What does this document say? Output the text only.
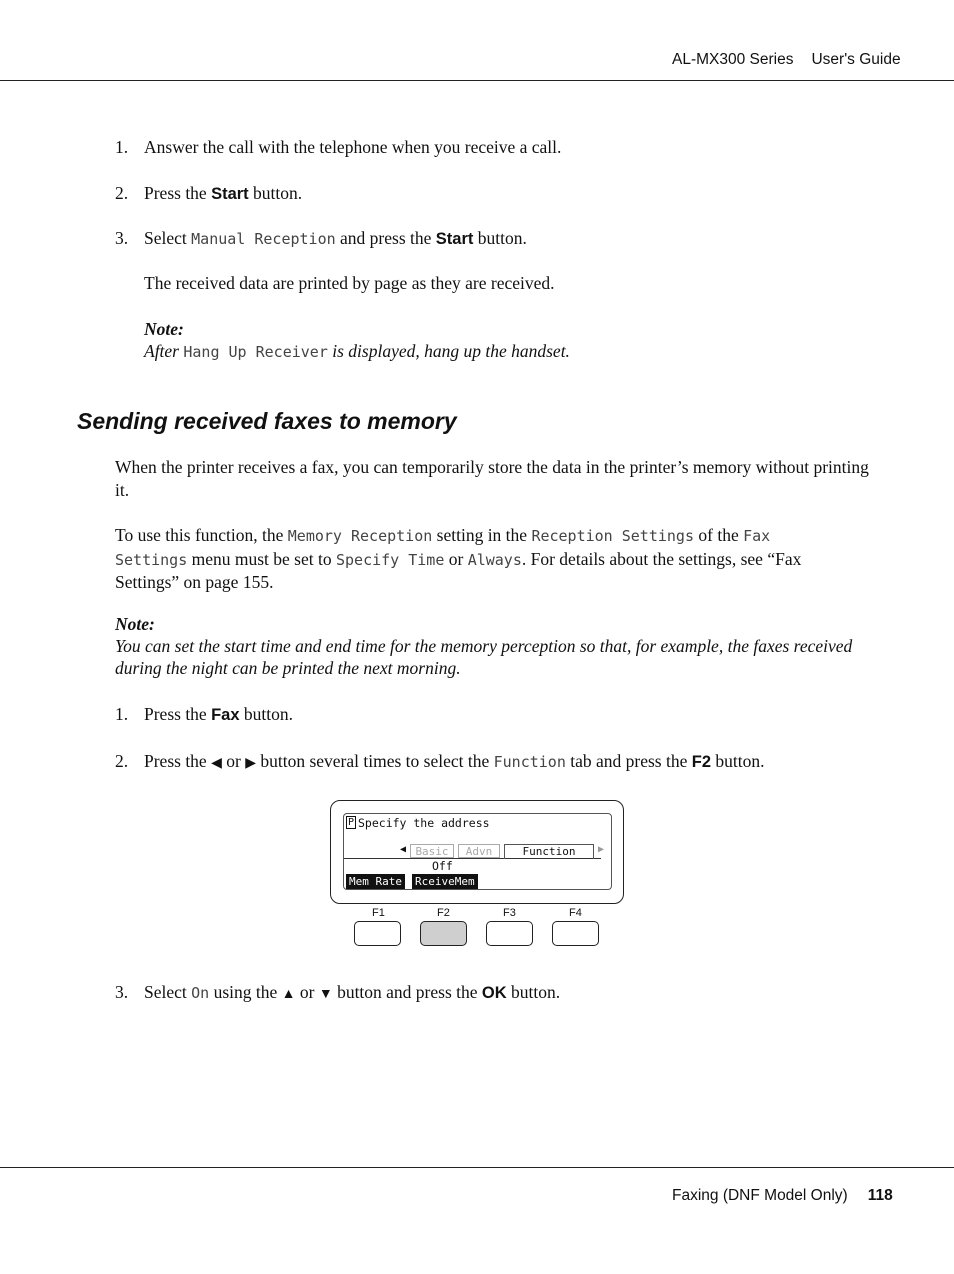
AL-MX300 Series User's Guide
1. Answer the call with the telephone when you receive a call.
2. Press the Start button.
3. Select Manual Reception and press the Start button.
The received data are printed by page as they are received.
Note:
After Hang Up Receiver is displayed, hang up the handset.
Sending received faxes to memory
When the printer receives a fax, you can temporarily store the data in the printer’s memory without printing it.
To use this function, the Memory Reception setting in the Reception Settings of the Fax
Settings menu must be set to Specify Time or Always. For details about the settings, see “Fax
Settings” on page 155.
Note:
You can set the start time and end time for the memory perception so that, for example, the faxes received
during the night can be printed the next morning.
1. Press the Fax button.
2. Press the ◀ or ▶ button several times to select the Function tab and press the F2 button.
P Specify the address
◀ Basic	Advn	Function	▶
Off
Mem Rate RceiveMem
F1	F2	F3	F4
3. Select On using the ▲ or ▼ button and press the OK button.
Faxing (DNF Model Only) 118
